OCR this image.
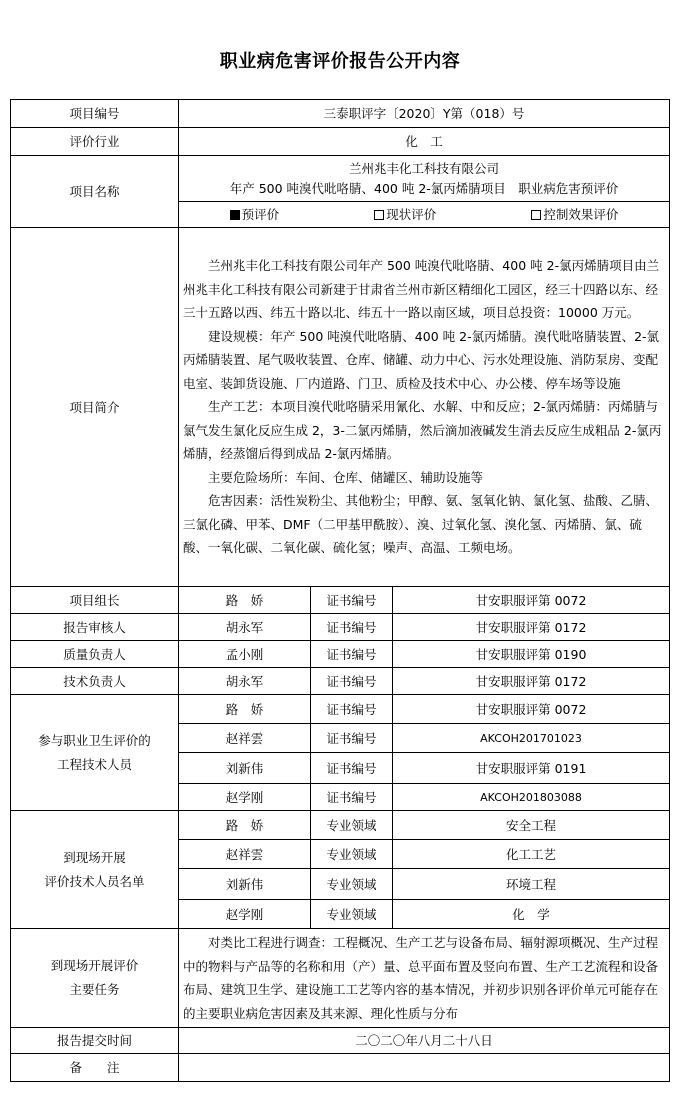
职业病危害评价报告公开内容
项目编号	三泰职评字〔2020〕Y第（018）号		
评价行业	化　工		
项目名称	兰州兆丰化工科技有限公司
年产 500 吨溴代吡咯腈、400 吨 2-氯丙烯腈项目　职业病危害预评价		

	预评价 现状评价 控制效果评价		

项目简介	兰州兆丰化工科技有限公司年产 500 吨溴代吡咯腈、400 吨 2-氯丙烯腈项目由兰州兆丰化工科技有限公司新建于甘肃省兰州市新区精细化工园区，经三十四路以东、经三十五路以西、纬五十路以北、纬五十一路以南区域，项目总投资：10000 万元。

建设规模：年产 500 吨溴代吡咯腈、400 吨 2-氯丙烯腈。溴代吡咯腈装置、2-氯丙烯腈装置、尾气吸收装置、仓库、储罐、动力中心、污水处理设施、消防泵房、变配电室、装卸货设施、厂内道路、门卫、质检及技术中心、办公楼、停车场等设施

生产工艺：本项目溴代吡咯腈采用氰化、水解、中和反应；2-氯丙烯腈：丙烯腈与氯气发生氯化反应生成 2，3-二氯丙烯腈，然后滴加液碱发生消去反应生成粗品 2-氯丙烯腈，经蒸馏后得到成品 2-氯丙烯腈。

主要危险场所：车间、仓库、储罐区、辅助设施等

危害因素：活性炭粉尘、其他粉尘；甲醇、氨、氢氧化钠、氯化氢、盐酸、乙腈、三氯化磷、甲苯、DMF（二甲基甲酰胺）、溴、过氧化氢、溴化氢、丙烯腈、氯、硫酸、一氧化碳、二氧化碳、硫化氢；噪声、高温、工频电场。		

项目组长	路　娇	证书编号	甘安职服评第 0072
报告审核人	胡永军	证书编号	甘安职服评第 0172
质量负责人	孟小刚	证书编号	甘安职服评第 0190
技术负责人	胡永军	证书编号	甘安职服评第 0172

参与职业卫生评价的
工程技术人员	路　娇	证书编号	甘安职服评第 0072
	赵祥雲	证书编号	AKCOH201701023
	刘新伟	证书编号	甘安职服评第 0191
	赵学刚	证书编号	AKCOH201803088

到现场开展
评价技术人员名单	路　娇	专业领域	安全工程
	赵祥雲	专业领域	化工工艺
	刘新伟	专业领域	环境工程
	赵学刚	专业领域	化　学

到现场开展评价
主要任务	对类比工程进行调查：工程概况、生产工艺与设备布局、辐射源项概况、生产过程中的物料与产品等的名称和用（产）量、总平面布置及竖向布置、生产工艺流程和设备布局、建筑卫生学、建设施工工艺等内容的基本情况，并初步识别各评价单元可能存在的主要职业病危害因素及其来源、理化性质与分布		

报告提交时间	二〇二〇年八月二十八日		
备　　注			
